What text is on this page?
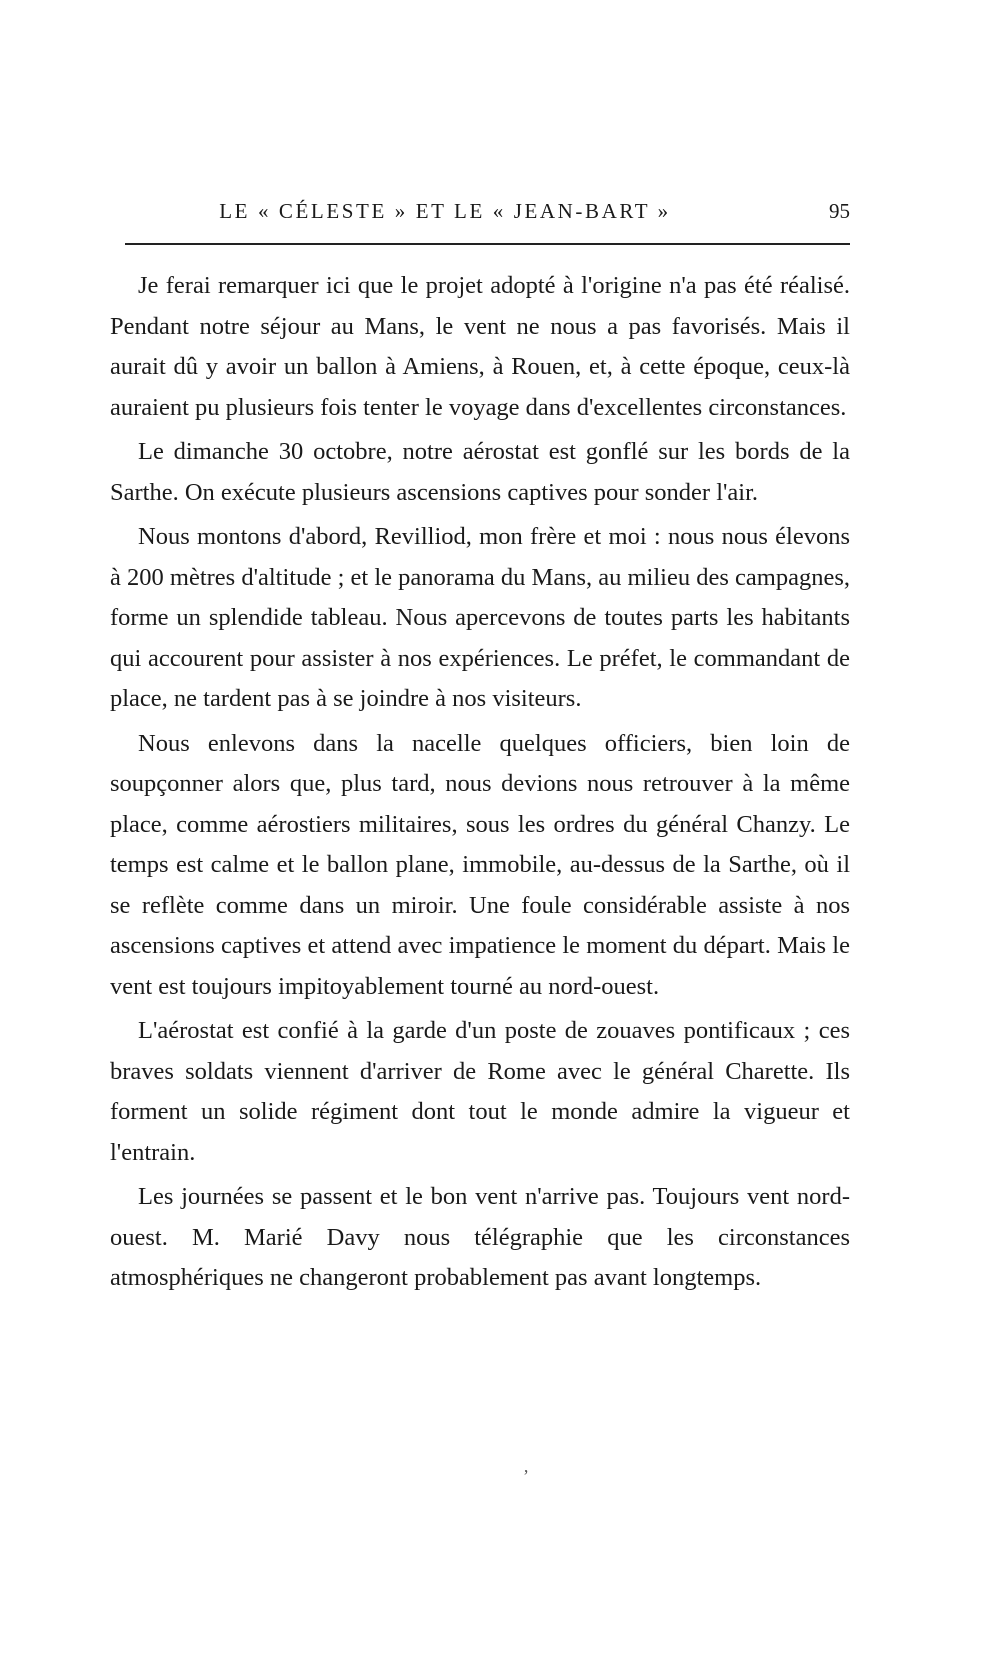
LE « CÉLESTE » ET LE « JEAN-BART »	95

Je ferai remarquer ici que le projet adopté à l'origine n'a pas été réalisé. Pendant notre séjour au Mans, le vent ne nous a pas favorisés. Mais il aurait dû y avoir un ballon à Amiens, à Rouen, et, à cette époque, ceux-là auraient pu plusieurs fois tenter le voyage dans d'excellentes circonstances.

Le dimanche 30 octobre, notre aérostat est gonflé sur les bords de la Sarthe. On exécute plusieurs ascensions captives pour sonder l'air.

Nous montons d'abord, Revilliod, mon frère et moi : nous nous élevons à 200 mètres d'altitude ; et le panorama du Mans, au milieu des campagnes, forme un splendide tableau. Nous apercevons de toutes parts les habitants qui accourent pour assister à nos expériences. Le préfet, le commandant de place, ne tardent pas à se joindre à nos visiteurs.

Nous enlevons dans la nacelle quelques officiers, bien loin de soupçonner alors que, plus tard, nous devions nous retrouver à la même place, comme aérostiers militaires, sous les ordres du général Chanzy. Le temps est calme et le ballon plane, immobile, au-dessus de la Sarthe, où il se reflète comme dans un miroir. Une foule considérable assiste à nos ascensions captives et attend avec impatience le moment du départ. Mais le vent est toujours impitoyablement tourné au nord-ouest.

L'aérostat est confié à la garde d'un poste de zouaves pontificaux ; ces braves soldats viennent d'arriver de Rome avec le général Charette. Ils forment un solide régiment dont tout le monde admire la vigueur et l'entrain.

Les journées se passent et le bon vent n'arrive pas. Toujours vent nord-ouest. M. Marié Davy nous télégraphie que les circonstances atmosphériques ne changeront probablement pas avant longtemps.

‚
